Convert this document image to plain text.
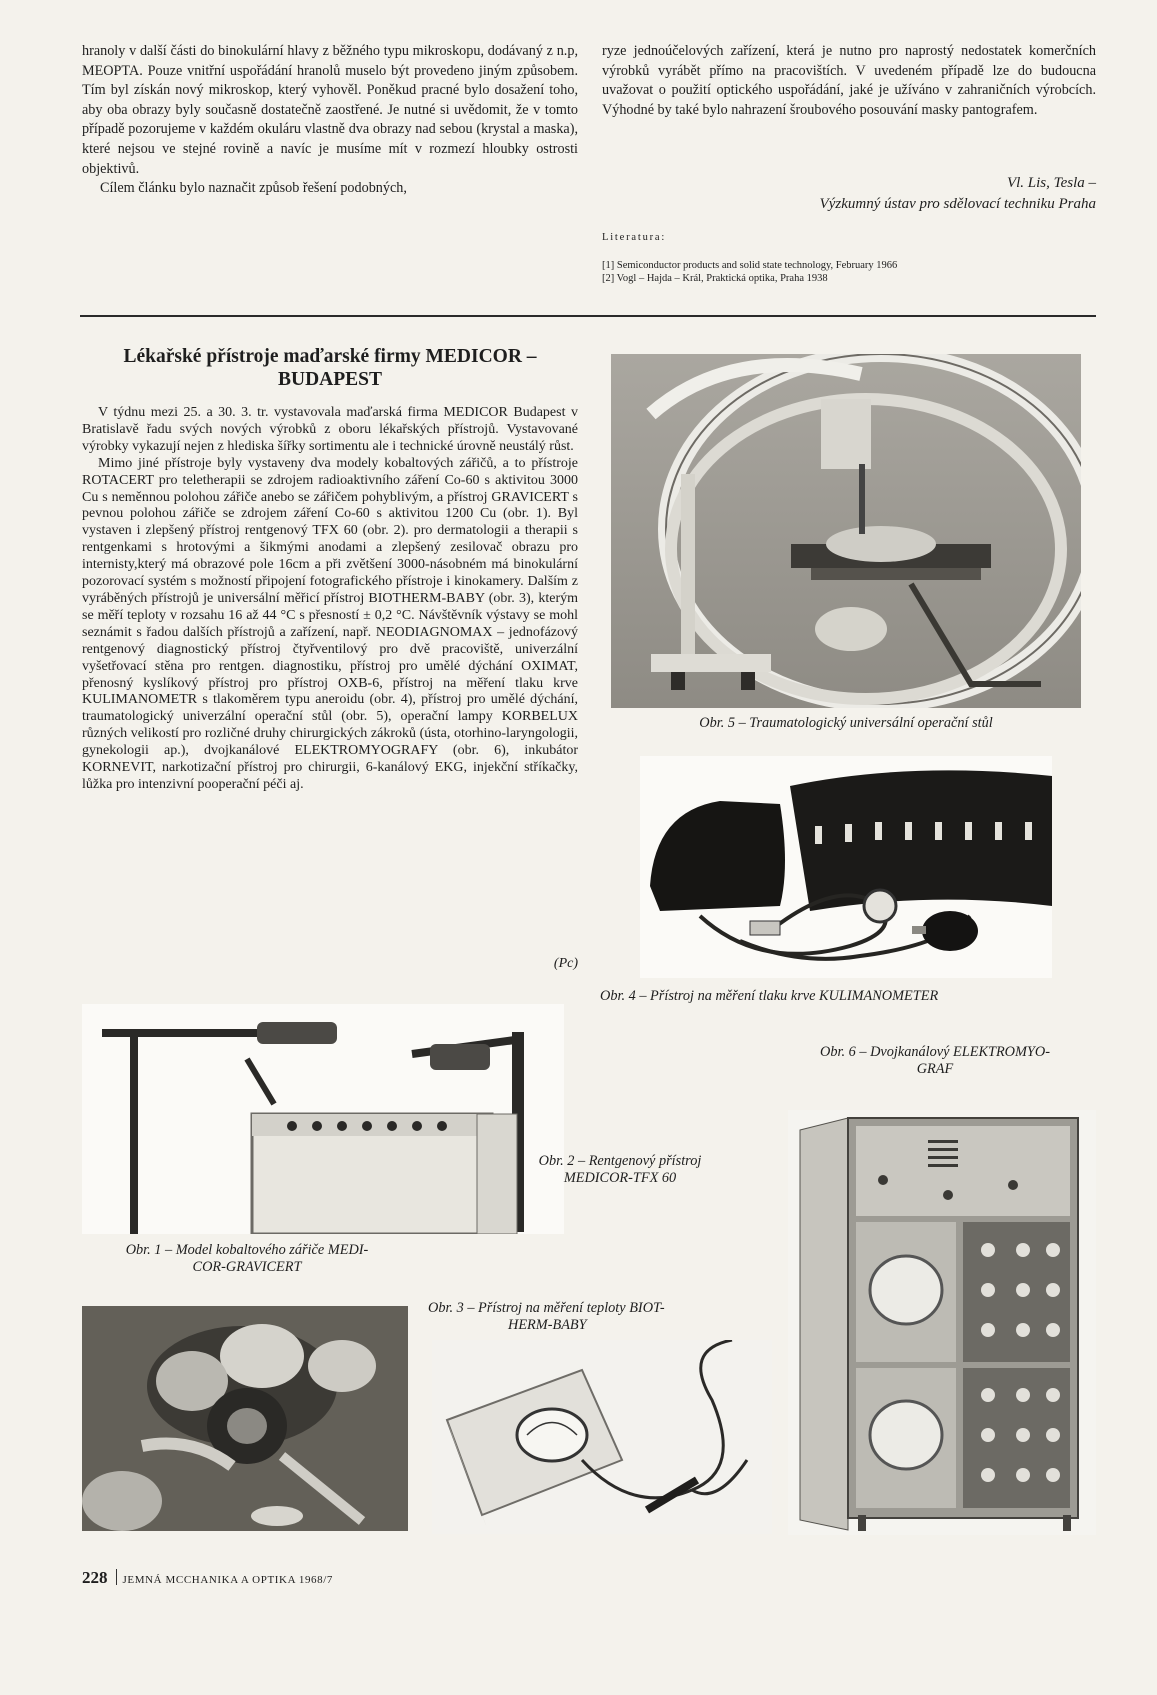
hranoly v další části do binokulární hlavy z běžného typu mikroskopu, dodávaný z n.p, MEOPTA. Pouze vnitřní uspořádání hranolů muselo být provedeno jiným způsobem. Tím byl získán nový mikroskop, který vyhověl. Poněkud pracné bylo dosažení toho, aby oba obrazy byly současně dostatečně zaostřené. Je nutné si uvědomit, že v tomto případě pozorujeme v každém okuláru vlastně dva obrazy nad sebou (krystal a maska), které nejsou ve stejné rovině a navíc je musíme mít v rozmezí hloubky ostrosti objektivů.

Cílem článku bylo naznačit způsob řešení podobných,

ryze jednoúčelových zařízení, která je nutno pro naprostý nedostatek komerčních výrobků vyrábět přímo na pracovištích. V uvedeném případě lze do budoucna uvažovat o použití optického uspořádání, jaké je užíváno v zahraničních výrobcích. Výhodné by také bylo nahrazení šroubového posouvání masky pantografem.

Vl. Lis, Tesla –
Výzkumný ústav pro sdělovací techniku Praha
Literatura:
[1] Semiconductor products and solid state technology, February 1966
[2] Vogl – Hajda – Král, Praktická optika, Praha 1938
Lékařské přístroje maďarské firmy MEDICOR –
BUDAPEST

V týdnu mezi 25. a 30. 3. tr. vystavovala maďarská firma MEDICOR Budapest v Bratislavě řadu svých nových výrobků z oboru lékařských přístrojů. Vystavované výrobky vykazují nejen z hlediska šířky sortimentu ale i technické úrovně neustálý růst.

Mimo jiné přístroje byly vystaveny dva modely kobaltových zářičů, a to přístroje ROTACERT pro teletherapii se zdrojem radioaktivního záření Co-60 s aktivitou 3000 Cu s neměnnou polohou zářiče anebo se zářičem pohyblivým, a přístroj GRAVICERT s pevnou polohou zářiče se zdrojem záření Co-60 s aktivitou 1200 Cu (obr. 1). Byl vystaven i zlepšený přístroj rentgenový TFX 60 (obr. 2). pro dermatologii a therapii s rentgenkami s hrotovými a šikmými anodami a zlepšený zesilovač obrazu pro internisty,který má obrazové pole 16cm a při zvětšení 3000-násobném má binokulární pozorovací systém s možností připojení fotografického přístroje i kinokamery. Dalším z vyráběných přístrojů je universální měřicí přístroj BIOTHERM-BABY (obr. 3), kterým se měří teploty v rozsahu 16 až 44 °C s přesností ± 0,2 °C. Návštěvník výstavy se mohl seznámit s řadou dalších přístrojů a zařízení, např. NEODIAGNOMAX – jednofázový rentgenový diagnostický přístroj čtyřventilový pro dvě pracoviště, univerzální vyšetřovací stěna pro rentgen. diagnostiku, přístroj pro umělé dýchání OXIMAT, přenosný kyslíkový přístroj pro přístroj OXB-6, přístroj na měření tlaku krve KULIMANOMETR s tlakoměrem typu aneroidu (obr. 4), přístroj pro umělé dýchání, traumatologický univerzální operační stůl (obr. 5), operační lampy KORBELUX různých velikostí pro rozličné druhy chirurgických zákroků (ústa, otorhino-laryngologii, gynekologii ap.), dvojkanálové ELEKTROMYOGRAFY (obr. 6), inkubátor KORNEVIT, narkotizační přístroj pro chirurgii, 6-kanálový EKG, injekční stříkačky, lůžka pro intenzivní pooperační péči aj.

(Pc)
Obr. 5 – Traumatologický universální operační stůl
Obr. 4 – Přístroj na měření tlaku krve KULIMANOMETER
Obr. 2 – Rentgenový přístroj
MEDICOR-TFX 60
Obr. 1 – Model kobaltového zářiče MEDI-
COR-GRAVICERT
Obr. 3 – Přístroj na měření teploty BIOT-
HERM-BABY
Obr. 6 – Dvojkanálový ELEKTROMYO-
GRAF
228 JEMNÁ MCCHANIKA A OPTIKA 1968/7
